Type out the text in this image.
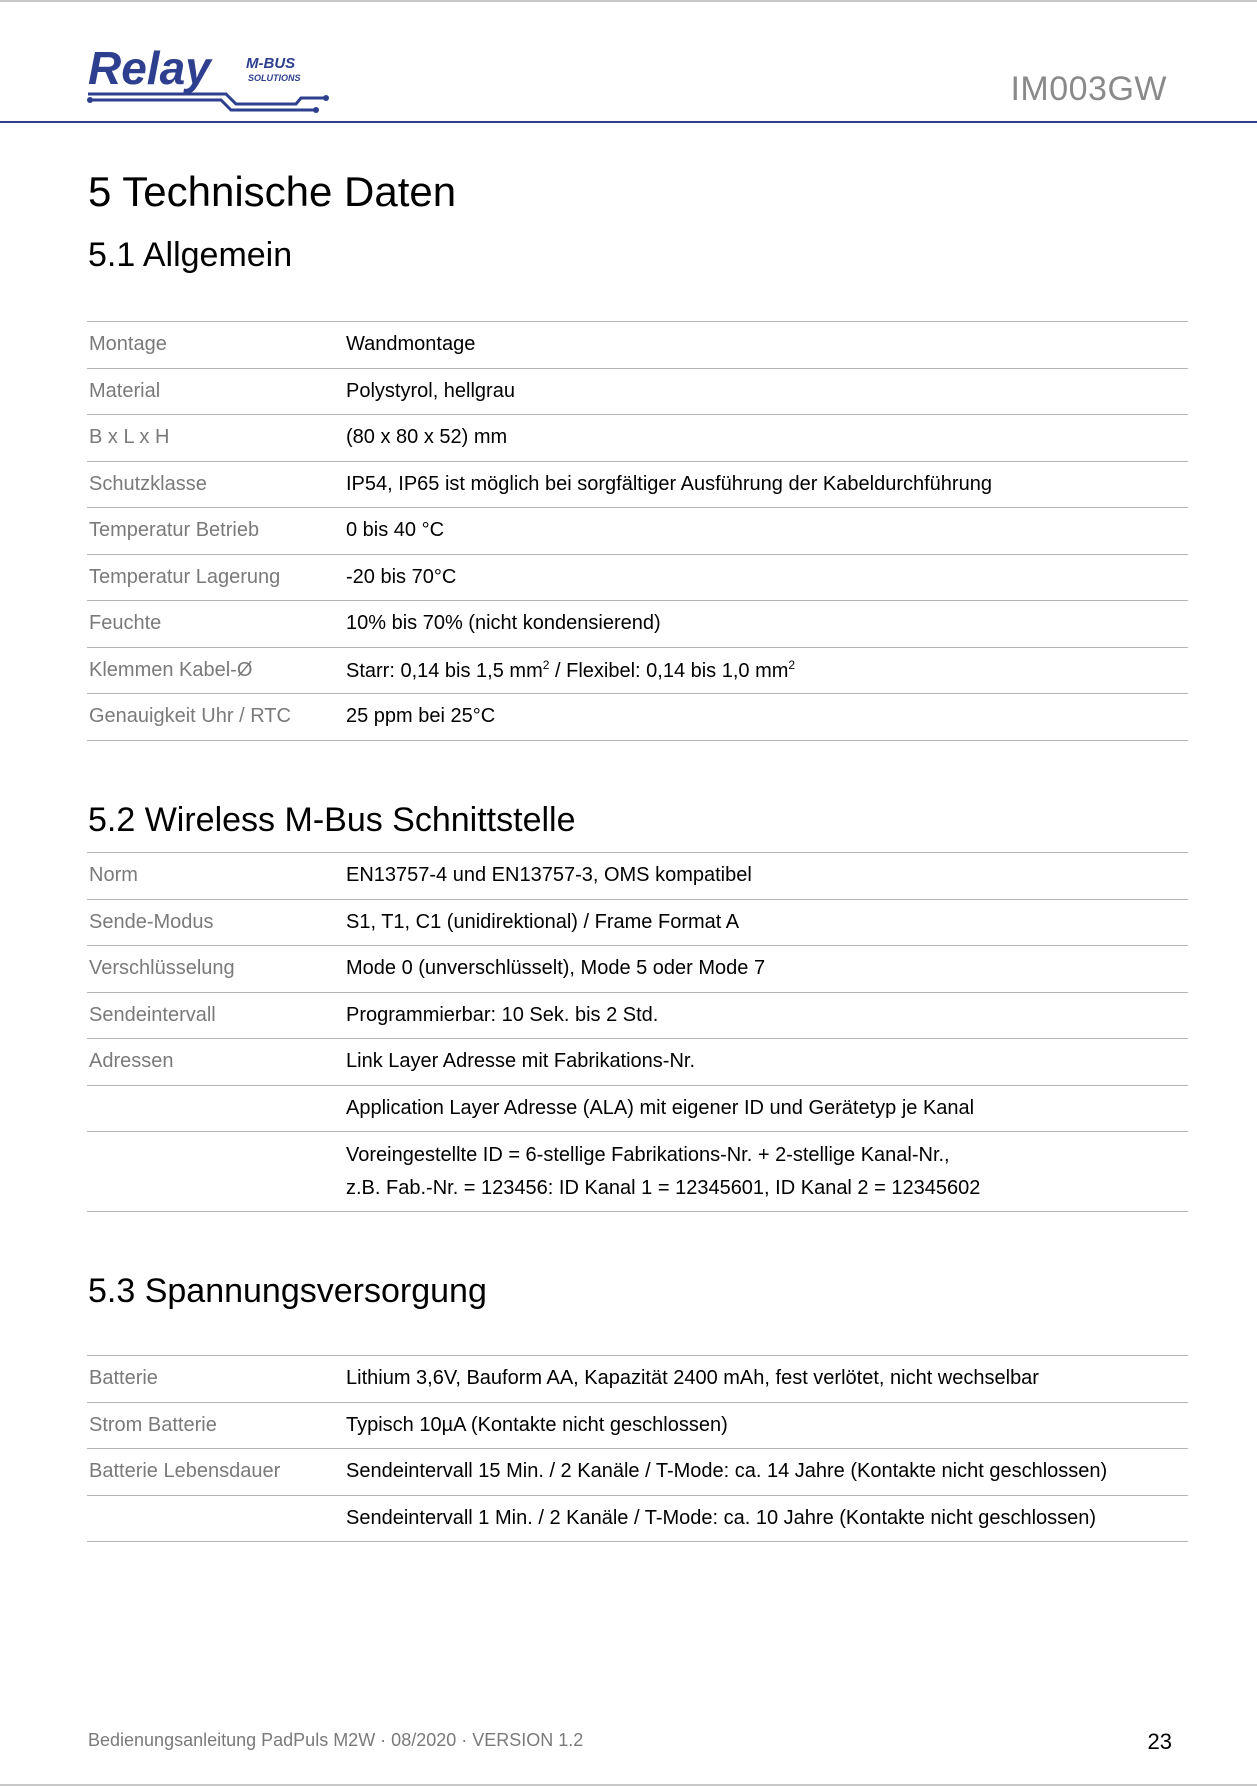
Relay M-BUS
SOLUTIONS	IM003GW
5 Technische Daten
5.1 Allgemein
Montage	Wandmontage
Material	Polystyrol, hellgrau
B x L x H	(80 x 80 x 52) mm
Schutzklasse	IP54, IP65 ist möglich bei sorgfältiger Ausführung der Kabeldurchführung
Temperatur Betrieb	0 bis 40 °C
Temperatur Lagerung	-20 bis 70°C
Feuchte	10% bis 70% (nicht kondensierend)
Klemmen Kabel-Ø	Starr: 0,14 bis 1,5 $mm^2$ / Flexibel: 0,14 bis 1,0 $mm^2$
Genauigkeit Uhr / RTC	25 ppm bei 25°C
5.2 Wireless M-Bus Schnittstelle
Norm	EN13757-4 und EN13757-3, OMS kompatibel
Sende-Modus	S1, T1, C1 (unidirektional) / Frame Format A
Verschlüsselung	Mode 0 (unverschlüsselt), Mode 5 oder Mode 7
Sendeintervall	Programmierbar: 10 Sek. bis 2 Std.
Adressen	Link Layer Adresse mit Fabrikations-Nr.
Application Layer Adresse (ALA) mit eigener ID und Gerätetyp je Kanal
Voreingestellte ID = 6-stellige Fabrikations-Nr. + 2-stellige Kanal-Nr.,
z.B. Fab.-Nr. = 123456: ID Kanal 1 = 12345601, ID Kanal 2 = 12345602
5.3 Spannungsversorgung
Batterie	Lithium 3,6V, Bauform AA, Kapazität 2400 mAh, fest verlötet, nicht wechselbar
Strom Batterie	Typisch 10µA (Kontakte nicht geschlossen)
Batterie Lebensdauer	Sendeintervall 15 Min. / 2 Kanäle / T-Mode: ca. 14 Jahre (Kontakte nicht geschlossen)
Sendeintervall 1 Min. / 2 Kanäle / T-Mode: ca. 10 Jahre (Kontakte nicht geschlossen)
Bedienungsanleitung PadPuls M2W · 08/2020 · VERSION 1.2	23
